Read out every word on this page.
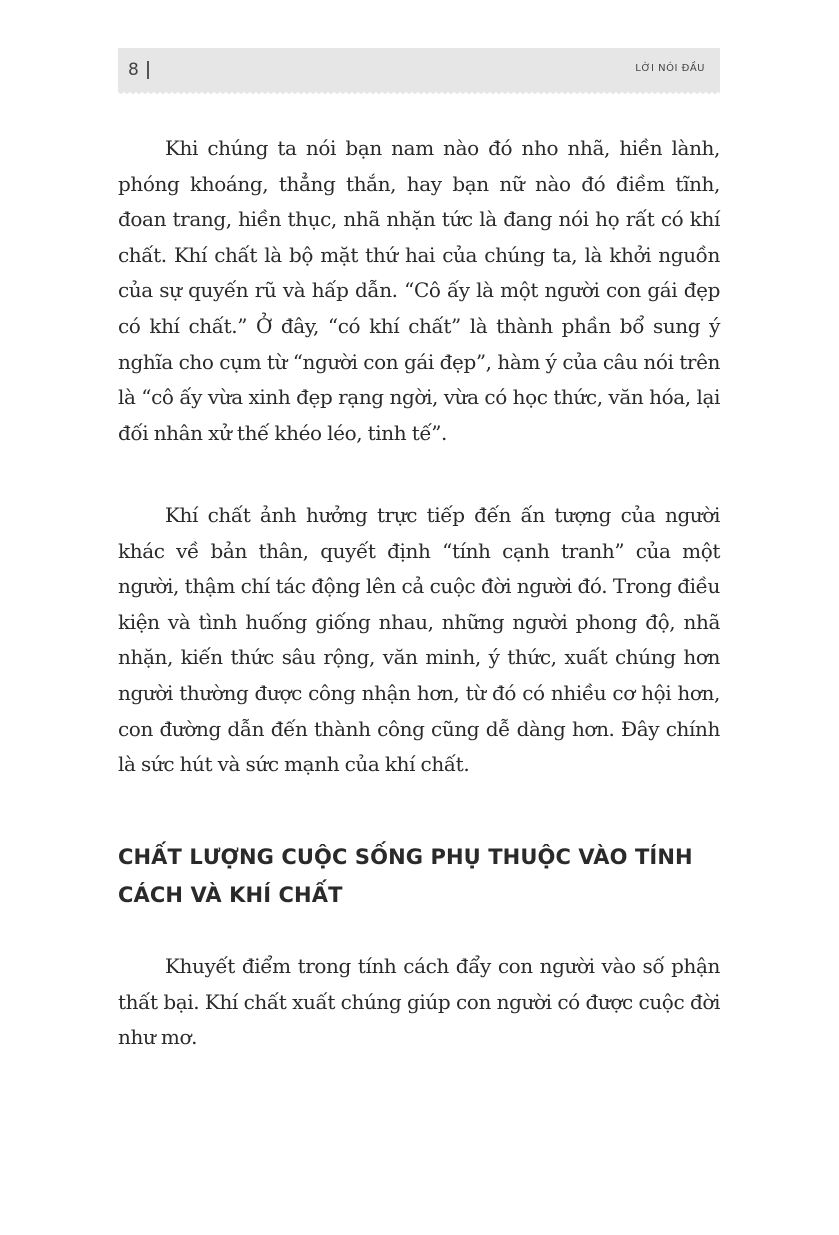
8	LỜI NÓI ĐẦU

Khi chúng ta nói bạn nam nào đó nho nhã, hiền lành, phóng khoáng, thẳng thắn, hay bạn nữ nào đó điềm tĩnh, đoan trang, hiền thục, nhã nhặn tức là đang nói họ rất có khí chất. Khí chất là bộ mặt thứ hai của chúng ta, là khởi nguồn của sự quyến rũ và hấp dẫn. “Cô ấy là một người con gái đẹp có khí chất.” Ở đây, “có khí chất” là thành phần bổ sung ý nghĩa cho cụm từ “người con gái đẹp”, hàm ý của câu nói trên là “cô ấy vừa xinh đẹp rạng ngời, vừa có học thức, văn hóa, lại đối nhân xử thế khéo léo, tinh tế”.

Khí chất ảnh hưởng trực tiếp đến ấn tượng của người khác về bản thân, quyết định “tính cạnh tranh” của một người, thậm chí tác động lên cả cuộc đời người đó. Trong điều kiện và tình huống giống nhau, những người phong độ, nhã nhặn, kiến thức sâu rộng, văn minh, ý thức, xuất chúng hơn người thường được công nhận hơn, từ đó có nhiều cơ hội hơn, con đường dẫn đến thành công cũng dễ dàng hơn. Đây chính là sức hút và sức mạnh của khí chất.

CHẤT LƯỢNG CUỘC SỐNG PHỤ THUỘC VÀO TÍNH CÁCH VÀ KHÍ CHẤT

Khuyết điểm trong tính cách đẩy con người vào số phận thất bại. Khí chất xuất chúng giúp con người có được cuộc đời như mơ.
